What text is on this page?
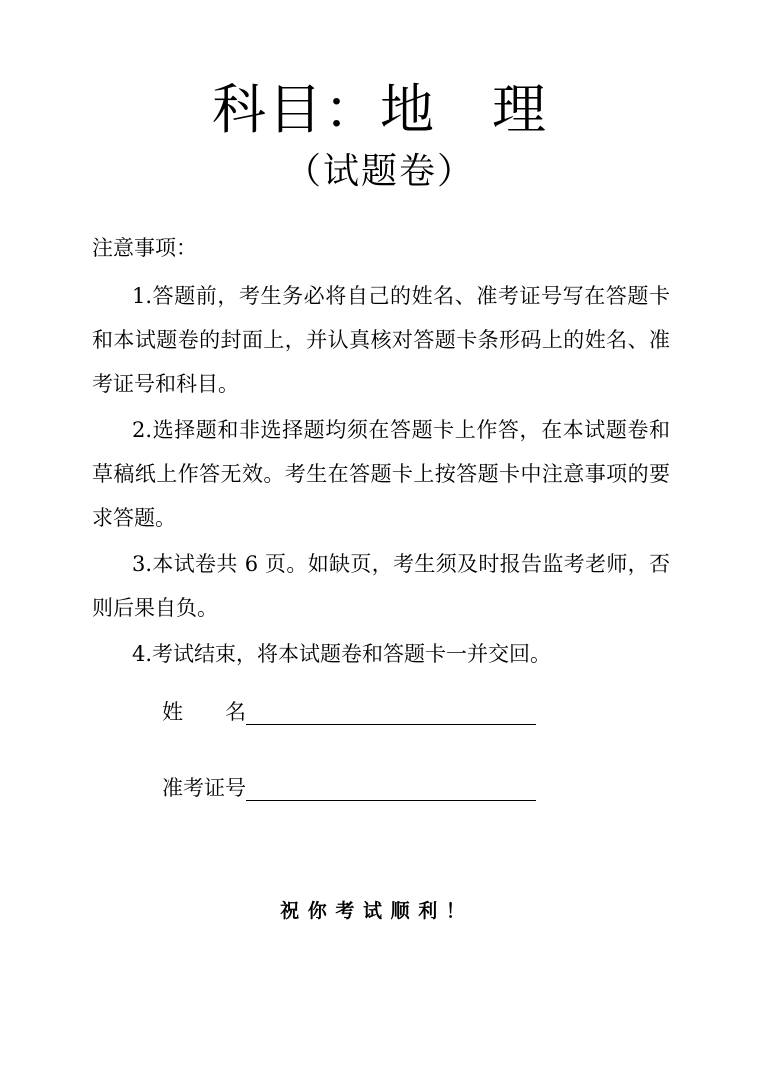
科目：地　理
（试题卷）
注意事项：

1.答题前，考生务必将自己的姓名、准考证号写在答题卡和本试题卷的封面上，并认真核对答题卡条形码上的姓名、准考证号和科目。

2.选择题和非选择题均须在答题卡上作答，在本试题卷和草稿纸上作答无效。考生在答题卡上按答题卡中注意事项的要求答题。

3.本试卷共 6 页。如缺页，考生须及时报告监考老师，否则后果自负。

4.考试结束，将本试题卷和答题卡一并交回。

姓　　名
准考证号
祝 你 考 试 顺 利 ！
